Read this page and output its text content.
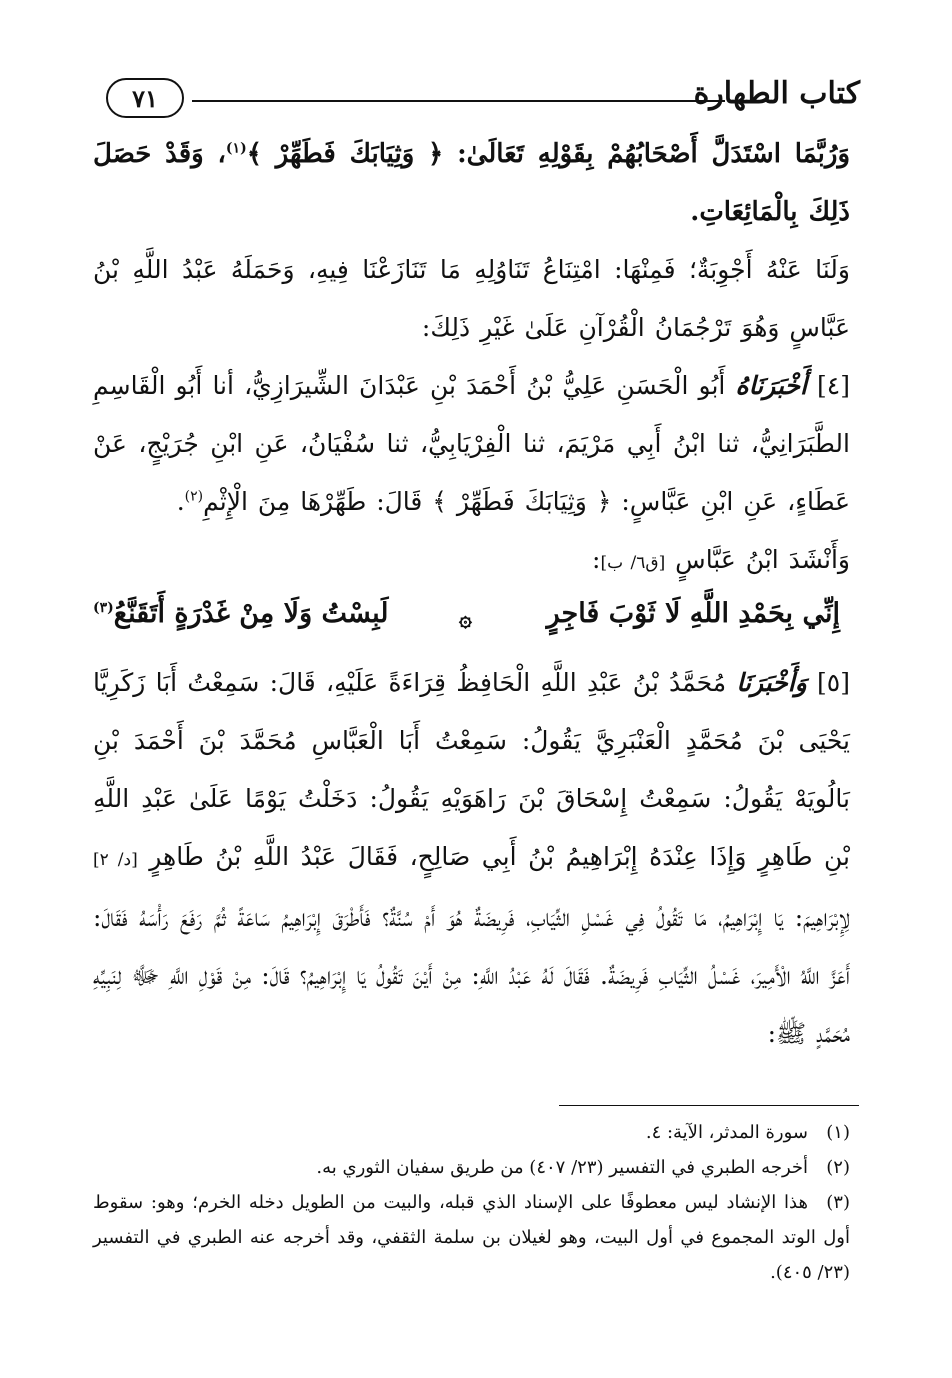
كتاب الطهارة
٧١

وَرُبَّمَا اسْتَدَلَّ أَصْحَابُهُمْ بِقَوْلِهِ تَعَالَىٰ: ﴿ وَثِيَابَكَ فَطَهِّرْ ﴾$^{(١)}$، وَقَدْ حَصَلَ ذَلِكَ بِالْمَائِعَاتِ.

وَلَنَا عَنْهُ أَجْوِبَةٌ؛ فَمِنْهَا: امْتِنَاعُ تَنَاوُلِهِ مَا تَنَازَعْنَا فِيهِ، وَحَمَلَهُ عَبْدُ اللَّهِ بْنُ عَبَّاسٍ وَهُوَ تَرْجُمَانُ الْقُرْآنِ عَلَىٰ غَيْرِ ذَلِكَ:

[٤] أَخْبَرَنَاهُ أَبُو الْحَسَنِ عَلِيُّ بْنُ أَحْمَدَ بْنِ عَبْدَانَ الشِّيرَازِيُّ، أنا أَبُو الْقَاسِمِ الطَّبَرَانِيُّ، ثنا ابْنُ أَبِي مَرْيَمَ، ثنا الْفِرْيَابِيُّ، ثنا سُفْيَانُ، عَنِ ابْنِ جُرَيْجٍ، عَنْ عَطَاءٍ، عَنِ ابْنِ عَبَّاسٍ: ﴿ وَثِيَابَكَ فَطَهِّرْ ﴾ قَالَ: طَهِّرْهَا مِنَ الْإِثْمِ$^{(٢)}$.

وَأَنْشَدَ ابْنُ عَبَّاسٍ [ق٦/ ب]:

إِنِّي بِحَمْدِ اللَّهِ لَا ثَوْبَ فَاجِرٍ
۞
لَبِسْتُ وَلَا مِنْ غَدْرَةٍ أَتَقَنَّعُ$^{(٣)}$

[٥] وَأَخْبَرَنَا مُحَمَّدُ بْنُ عَبْدِ اللَّهِ الْحَافِظُ قِرَاءَةً عَلَيْهِ، قَالَ: سَمِعْتُ أَبَا زَكَرِيَّا يَحْيَى بْنَ مُحَمَّدٍ الْعَنْبَرِيَّ يَقُولُ: سَمِعْتُ أَبَا الْعَبَّاسِ مُحَمَّدَ بْنَ أَحْمَدَ بْنِ بَالُويَهْ يَقُولُ: سَمِعْتُ إِسْحَاقَ بْنَ رَاهَوَيْهِ يَقُولُ: دَخَلْتُ يَوْمًا عَلَىٰ عَبْدِ اللَّهِ بْنِ طَاهِرٍ وَإِذَا عِنْدَهُ إِبْرَاهِيمُ بْنُ أَبِي صَالِحٍ، فَقَالَ عَبْدُ اللَّهِ بْنُ طَاهِرٍ [د/ ٢] لِإِبْرَاهِيمَ: يَا إِبْرَاهِيمُ، مَا تَقُولُ فِي غَسْلِ الثِّيَابِ، فَرِيضَةٌ هُوَ أَمْ سُنَّةٌ؟ فَأَطْرَقَ إِبْرَاهِيمُ سَاعَةً ثُمَّ رَفَعَ رَأْسَهُ فَقَالَ: أَعَزَّ اللَّهُ الْأَمِيرَ، غَسْلُ الثِّيَابِ فَرِيضَةٌ. فَقَالَ لَهُ عَبْدُ اللَّهِ: مِنْ أَيْنَ تَقُولُ يَا إِبْرَاهِيمُ؟ قَالَ: مِنْ قَوْلِ اللَّهِ ﷻ لِنَبِيِّهِ مُحَمَّدٍ ﷺ:

(١)سورة المدثر، الآية: ٤.

(٢)أخرجه الطبري في التفسير (٢٣/ ٤٠٧) من طريق سفيان الثوري به.

(٣)هذا الإنشاد ليس معطوفًا على الإسناد الذي قبله، والبيت من الطويل دخله الخرم؛ وهو: سقوط أول الوتد المجموع في أول البيت، وهو لغيلان بن سلمة الثقفي، وقد أخرجه عنه الطبري في التفسير (٢٣/ ٤٠٥).
